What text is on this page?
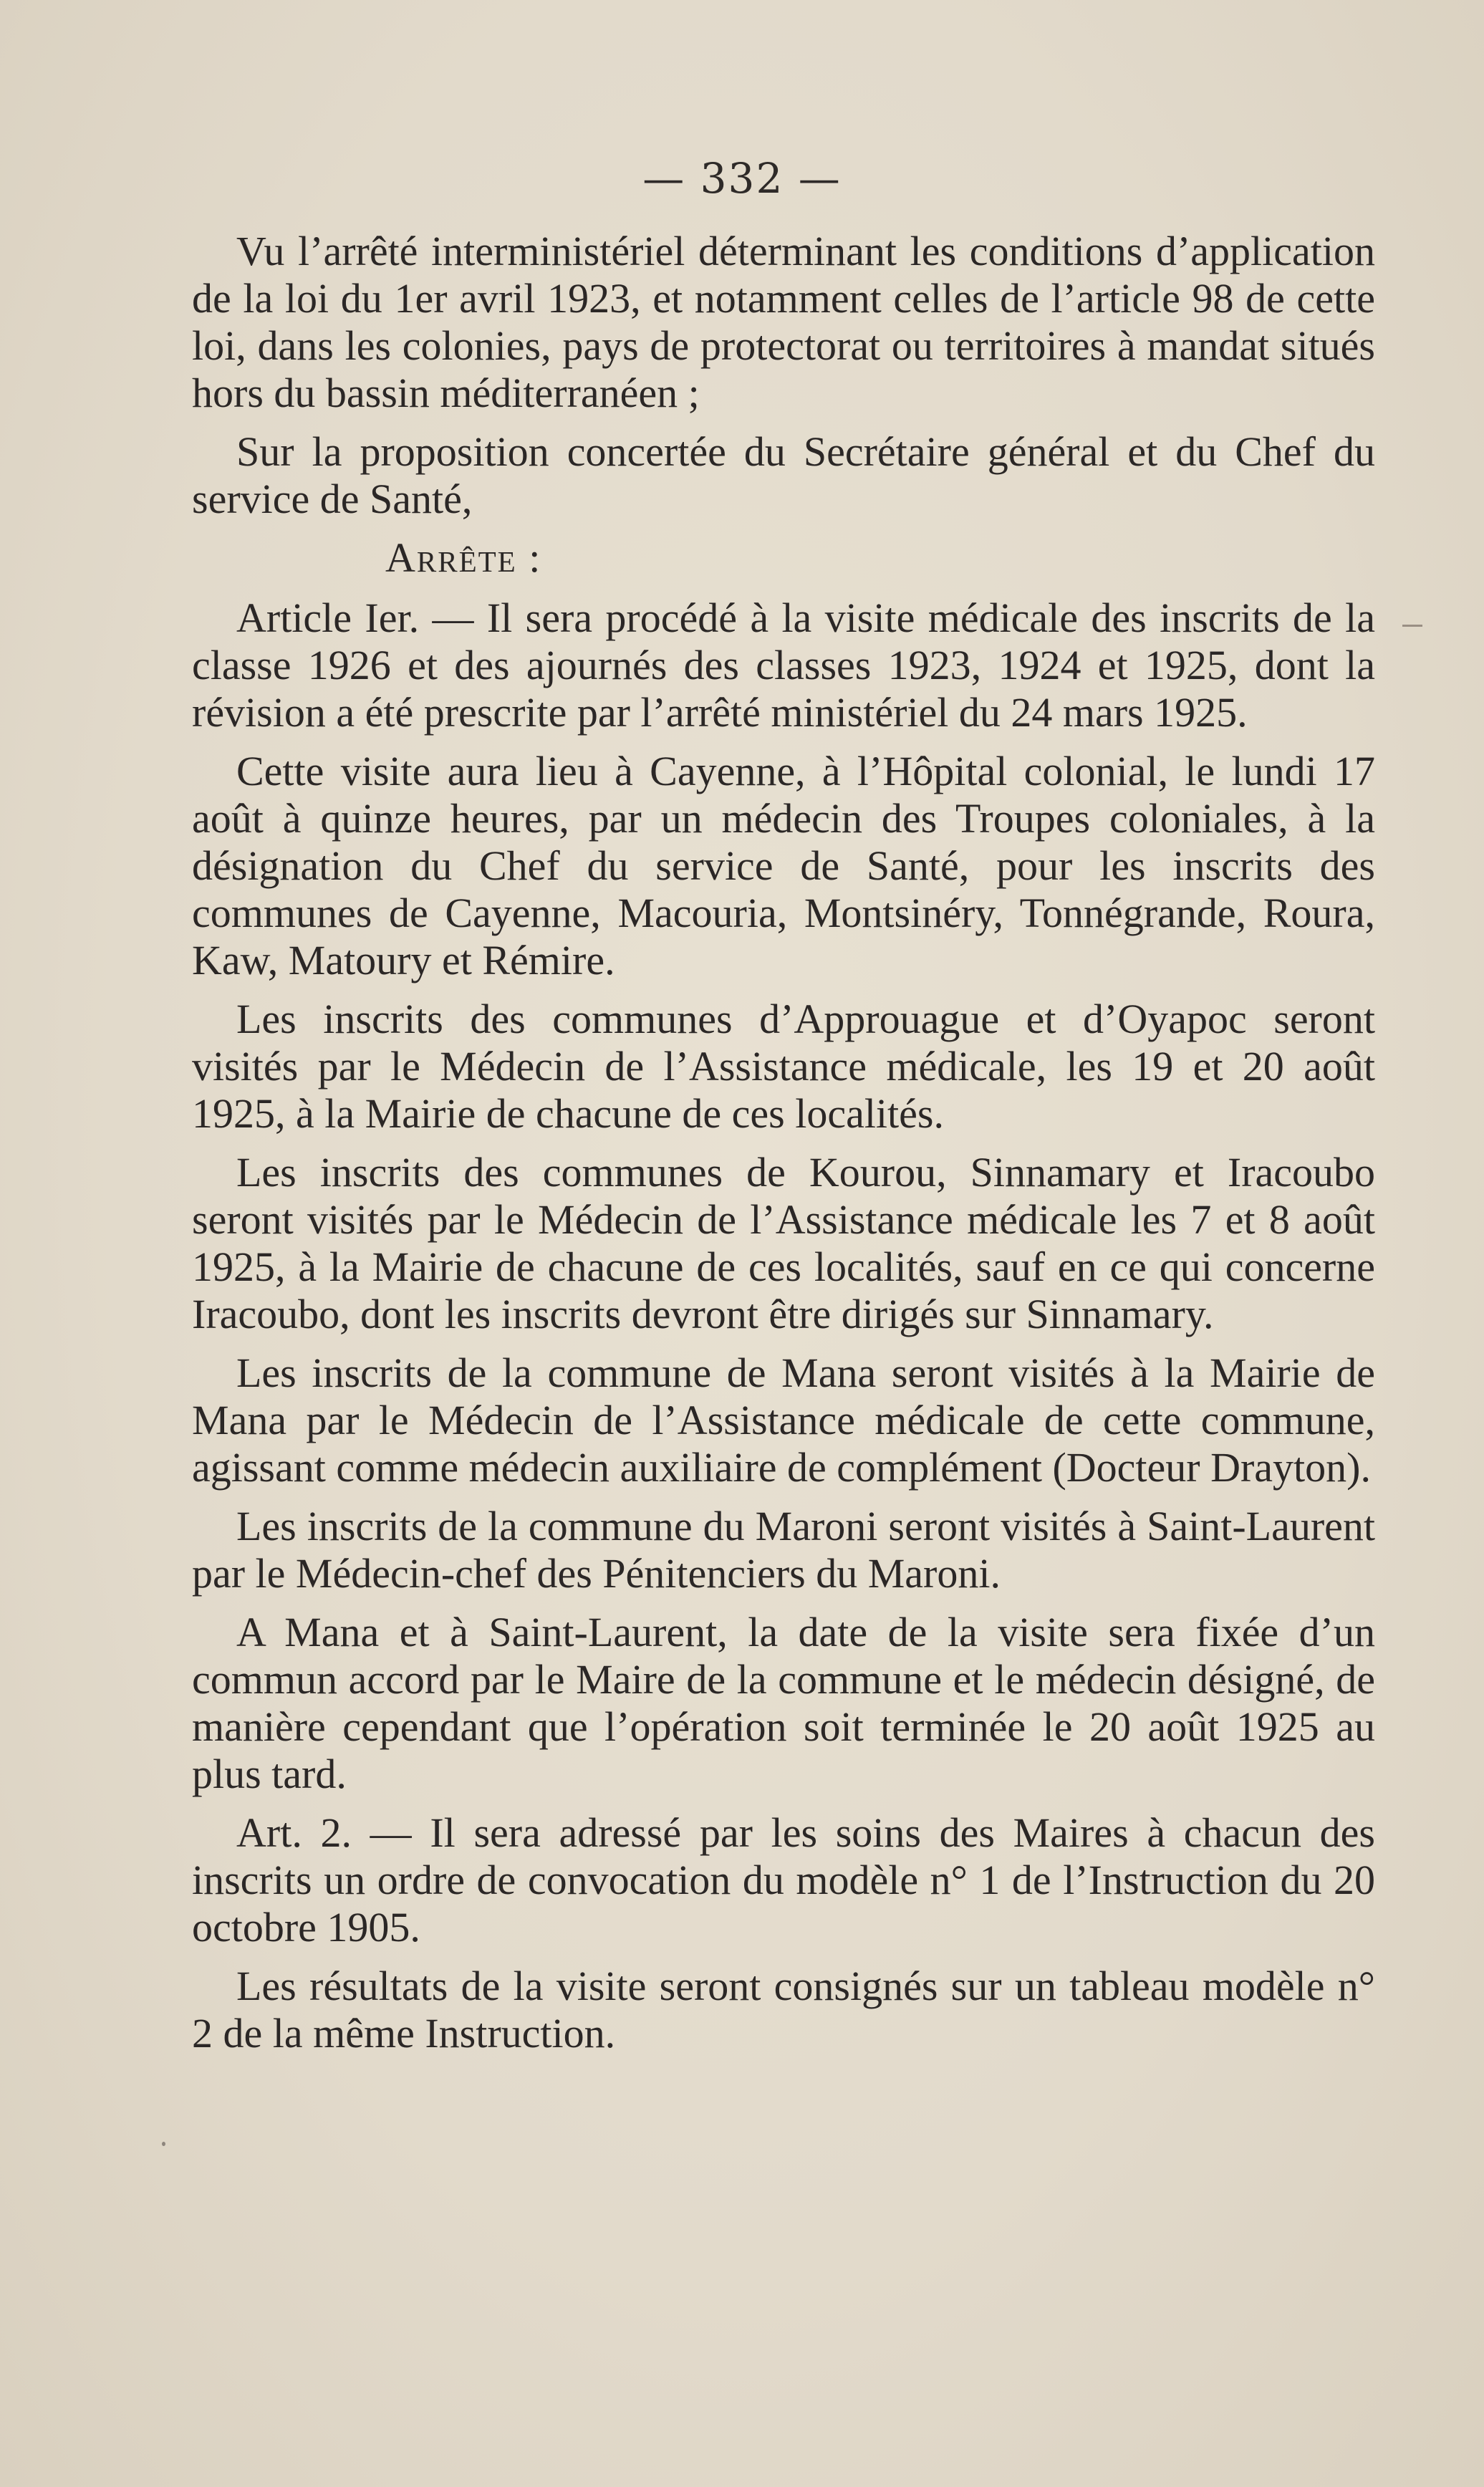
— 332 —

Vu l’arrêté interministériel déterminant les conditions d’application de la loi du 1er avril 1923, et notamment celles de l’article 98 de cette loi, dans les colonies, pays de protectorat ou territoires à mandat situés hors du bassin méditerranéen ;

Sur la proposition concertée du Secrétaire général et du Chef du service de Santé,

Arrête :

Article Ier. — Il sera procédé à la visite médicale des inscrits de la classe 1926 et des ajournés des classes 1923, 1924 et 1925, dont la révision a été prescrite par l’arrêté ministériel du 24 mars 1925.

Cette visite aura lieu à Cayenne, à l’Hôpital colonial, le lundi 17 août à quinze heures, par un médecin des Troupes coloniales, à la désignation du Chef du service de Santé, pour les inscrits des communes de Cayenne, Macouria, Montsinéry, Tonnégrande, Roura, Kaw, Matoury et Rémire.

Les inscrits des communes d’Approuague et d’Oyapoc seront visités par le Médecin de l’Assistance médicale, les 19 et 20 août 1925, à la Mairie de chacune de ces localités.

Les inscrits des communes de Kourou, Sinnamary et Iracoubo seront visités par le Médecin de l’Assistance médicale les 7 et 8 août 1925, à la Mairie de chacune de ces localités, sauf en ce qui concerne Iracoubo, dont les inscrits devront être dirigés sur Sinnamary.

Les inscrits de la commune de Mana seront visités à la Mairie de Mana par le Médecin de l’Assistance médicale de cette commune, agissant comme médecin auxiliaire de complément (Docteur Drayton).

Les inscrits de la commune du Maroni seront visités à Saint-Laurent par le Médecin-chef des Pénitenciers du Maroni.

A Mana et à Saint-Laurent, la date de la visite sera fixée d’un commun accord par le Maire de la commune et le médecin désigné, de manière cependant que l’opération soit terminée le 20 août 1925 au plus tard.

Art. 2. — Il sera adressé par les soins des Maires à chacun des inscrits un ordre de convocation du modèle n° 1 de l’Instruction du 20 octobre 1905.

Les résultats de la visite seront consignés sur un tableau modèle n° 2 de la même Instruction.
